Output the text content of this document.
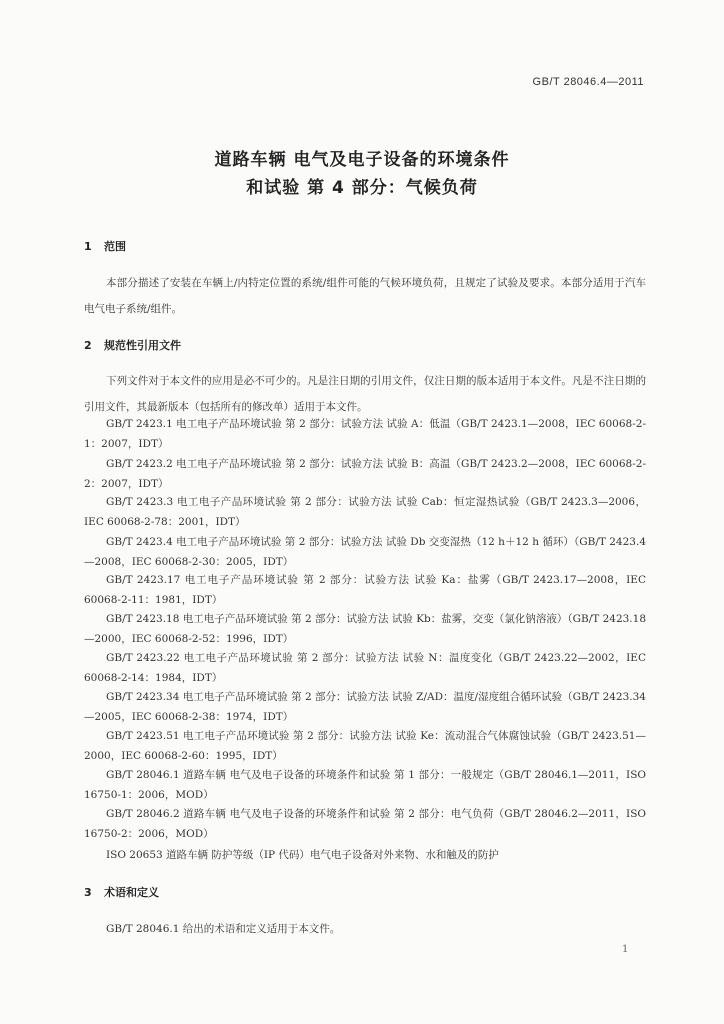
GB/T 28046.4—2011
道路车辆 电气及电子设备的环境条件
和试验 第 4 部分：气候负荷
1 范围
本部分描述了安装在车辆上/内特定位置的系统/组件可能的气候环境负荷，且规定了试验及要求。本部分适用于汽车电气电子系统/组件。
2 规范性引用文件
下列文件对于本文件的应用是必不可少的。凡是注日期的引用文件，仅注日期的版本适用于本文件。凡是不注日期的引用文件，其最新版本（包括所有的修改单）适用于本文件。
GB/T 2423.1 电工电子产品环境试验 第 2 部分：试验方法 试验 A：低温（GB/T 2423.1—2008，IEC 60068-2-1：2007，IDT）
GB/T 2423.2 电工电子产品环境试验 第 2 部分：试验方法 试验 B：高温（GB/T 2423.2—2008，IEC 60068-2-2：2007，IDT）
GB/T 2423.3 电工电子产品环境试验 第 2 部分：试验方法 试验 Cab：恒定湿热试验（GB/T 2423.3—2006，IEC 60068-2-78：2001，IDT）
GB/T 2423.4 电工电子产品环境试验 第 2 部分：试验方法 试验 Db 交变湿热（12 h＋12 h 循环）（GB/T 2423.4—2008，IEC 60068-2-30：2005，IDT）
GB/T 2423.17 电工电子产品环境试验 第 2 部分：试验方法 试验 Ka：盐雾（GB/T 2423.17—2008，IEC 60068-2-11：1981，IDT）
GB/T 2423.18 电工电子产品环境试验 第 2 部分：试验方法 试验 Kb：盐雾，交变（氯化钠溶液）（GB/T 2423.18—2000，IEC 60068-2-52：1996，IDT）
GB/T 2423.22 电工电子产品环境试验 第 2 部分：试验方法 试验 N：温度变化（GB/T 2423.22—2002，IEC 60068-2-14：1984，IDT）
GB/T 2423.34 电工电子产品环境试验 第 2 部分：试验方法 试验 Z/AD：温度/湿度组合循环试验（GB/T 2423.34—2005，IEC 60068-2-38：1974，IDT）
GB/T 2423.51 电工电子产品环境试验 第 2 部分：试验方法 试验 Ke：流动混合气体腐蚀试验（GB/T 2423.51—2000，IEC 60068-2-60：1995，IDT）
GB/T 28046.1 道路车辆 电气及电子设备的环境条件和试验 第 1 部分：一般规定（GB/T 28046.1—2011，ISO 16750-1：2006，MOD）
GB/T 28046.2 道路车辆 电气及电子设备的环境条件和试验 第 2 部分：电气负荷（GB/T 28046.2—2011，ISO 16750-2：2006，MOD）
ISO 20653 道路车辆 防护等级（IP 代码）电气电子设备对外来物、水和触及的防护
3 术语和定义
GB/T 28046.1 给出的术语和定义适用于本文件。
1
